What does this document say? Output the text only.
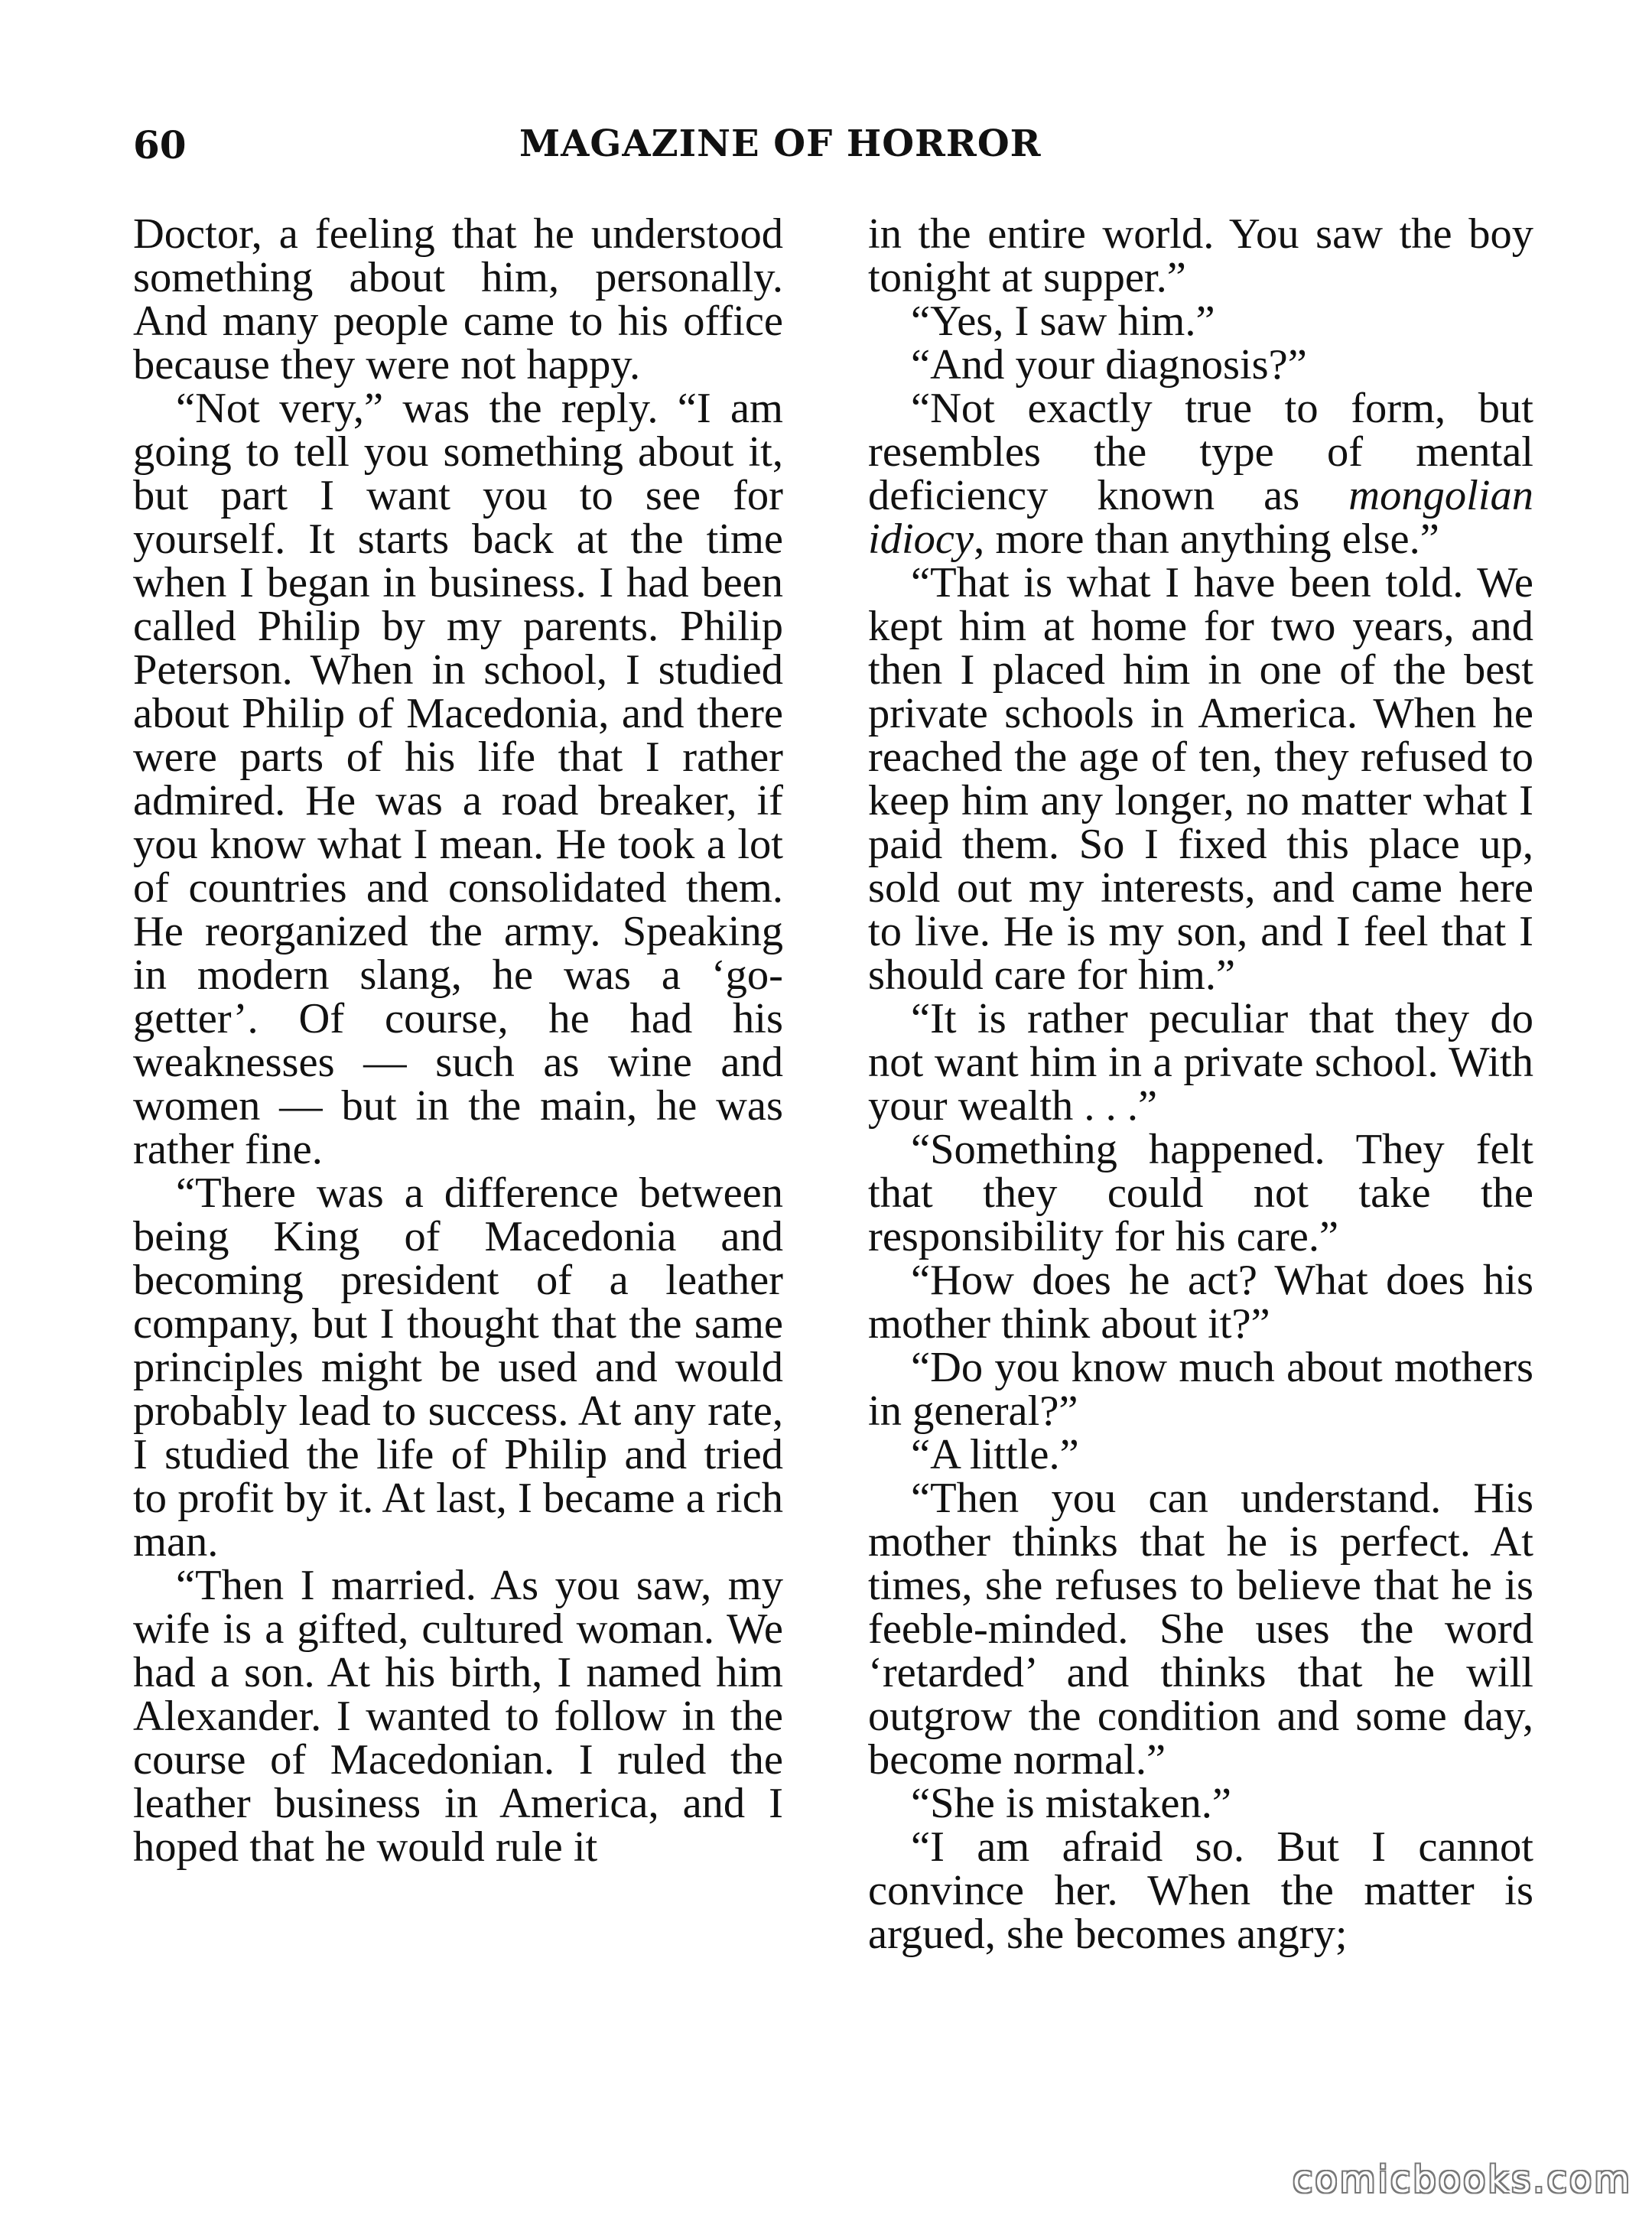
60	MAGAZINE OF HORROR

Doctor, a feeling that he understood something about him, personally. And many people came to his office because they were not happy.

“Not very,” was the reply. “I am going to tell you something about it, but part I want you to see for yourself. It starts back at the time when I began in business. I had been called Philip by my parents. Philip Peterson. When in school, I studied about Philip of Macedonia, and there were parts of his life that I rather admired. He was a road breaker, if you know what I mean. He took a lot of countries and consolidated them. He reorganized the army. Speaking in modern slang, he was a ‘go-getter’. Of course, he had his weaknesses — such as wine and women — but in the main, he was rather fine.

“There was a difference between being King of Macedonia and becoming president of a leather company, but I thought that the same principles might be used and would probably lead to success. At any rate, I studied the life of Philip and tried to profit by it. At last, I became a rich man.

“Then I married. As you saw, my wife is a gifted, cultured woman. We had a son. At his birth, I named him Alexander. I wanted to follow in the course of Macedonian. I ruled the leather business in America, and I hoped that he would rule it

in the entire world. You saw the boy tonight at supper.”

“Yes, I saw him.”

“And your diagnosis?”

“Not exactly true to form, but resembles the type of mental deficiency known as mongolian idiocy, more than anything else.”

“That is what I have been told. We kept him at home for two years, and then I placed him in one of the best private schools in America. When he reached the age of ten, they refused to keep him any longer, no matter what I paid them. So I fixed this place up, sold out my interests, and came here to live. He is my son, and I feel that I should care for him.”

“It is rather peculiar that they do not want him in a private school. With your wealth . . .”

“Something happened. They felt that they could not take the responsibility for his care.”

“How does he act? What does his mother think about it?”

“Do you know much about mothers in general?”

“A little.”

“Then you can understand. His mother thinks that he is perfect. At times, she refuses to believe that he is feeble-minded. She uses the word ‘retarded’ and thinks that he will outgrow the condition and some day, become normal.”

“She is mistaken.”

“I am afraid so. But I cannot convince her. When the matter is argued, she becomes angry;

comicbooks.com
